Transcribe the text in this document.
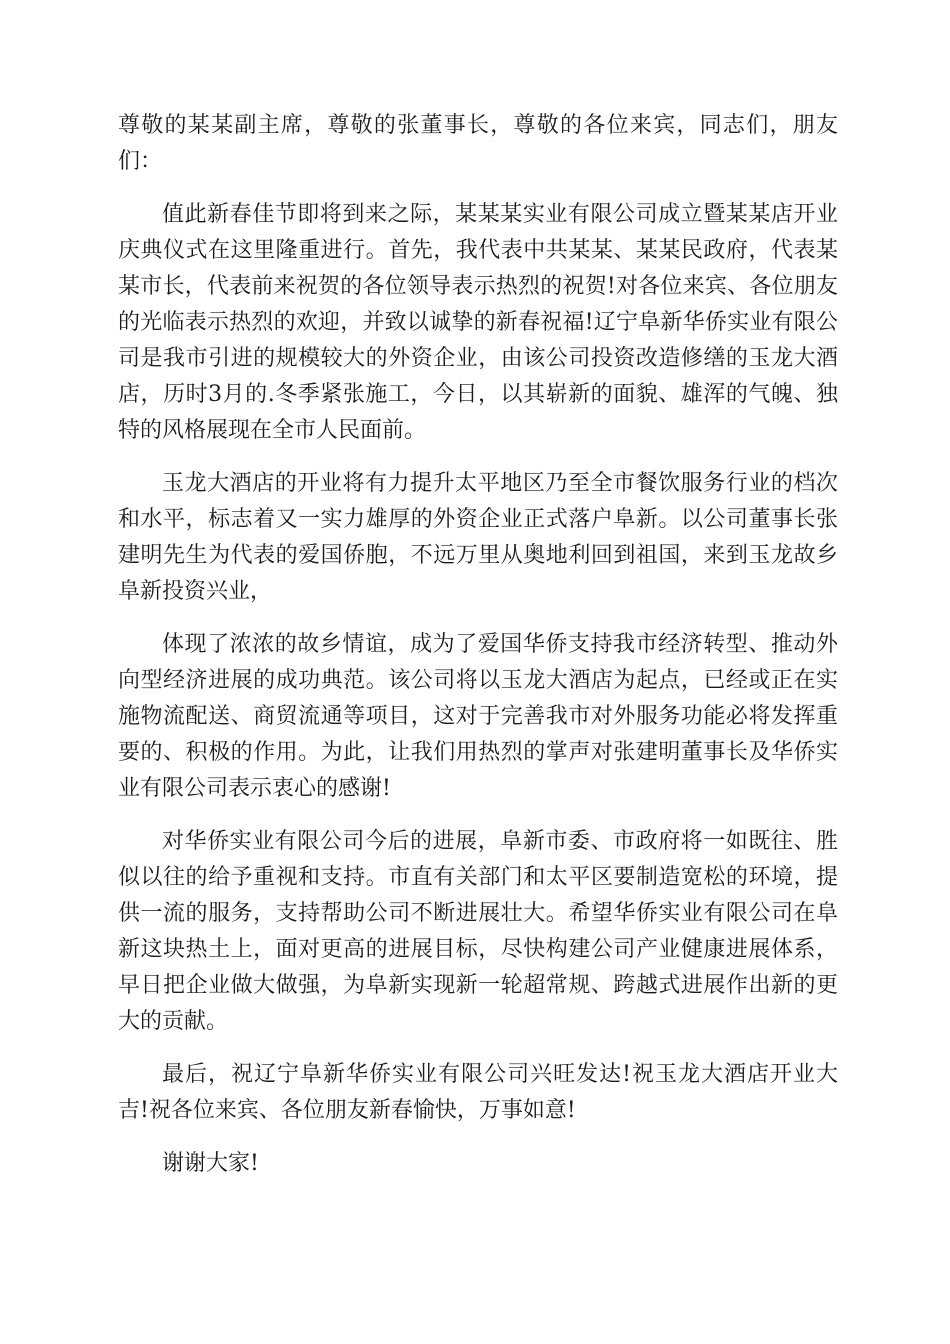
尊敬的某某副主席，尊敬的张董事长，尊敬的各位来宾，同志们，朋友们：

值此新春佳节即将到来之际，某某某实业有限公司成立暨某某店开业庆典仪式在这里隆重进行。首先，我代表中共某某、某某民政府，代表某某市长，代表前来祝贺的各位领导表示热烈的祝贺!对各位来宾、各位朋友的光临表示热烈的欢迎，并致以诚挚的新春祝福!辽宁阜新华侨实业有限公司是我市引进的规模较大的外资企业，由该公司投资改造修缮的玉龙大酒店，历时3月的.冬季紧张施工，今日，以其崭新的面貌、雄浑的气魄、独特的风格展现在全市人民面前。

玉龙大酒店的开业将有力提升太平地区乃至全市餐饮服务行业的档次和水平，标志着又一实力雄厚的外资企业正式落户阜新。以公司董事长张建明先生为代表的爱国侨胞，不远万里从奥地利回到祖国，来到玉龙故乡阜新投资兴业，

体现了浓浓的故乡情谊，成为了爱国华侨支持我市经济转型、推动外向型经济进展的成功典范。该公司将以玉龙大酒店为起点，已经或正在实施物流配送、商贸流通等项目，这对于完善我市对外服务功能必将发挥重要的、积极的作用。为此，让我们用热烈的掌声对张建明董事长及华侨实业有限公司表示衷心的感谢!

对华侨实业有限公司今后的进展，阜新市委、市政府将一如既往、胜似以往的给予重视和支持。市直有关部门和太平区要制造宽松的环境，提供一流的服务，支持帮助公司不断进展壮大。希望华侨实业有限公司在阜新这块热土上，面对更高的进展目标，尽快构建公司产业健康进展体系，早日把企业做大做强，为阜新实现新一轮超常规、跨越式进展作出新的更大的贡献。

最后，祝辽宁阜新华侨实业有限公司兴旺发达!祝玉龙大酒店开业大吉!祝各位来宾、各位朋友新春愉快，万事如意!

谢谢大家!
